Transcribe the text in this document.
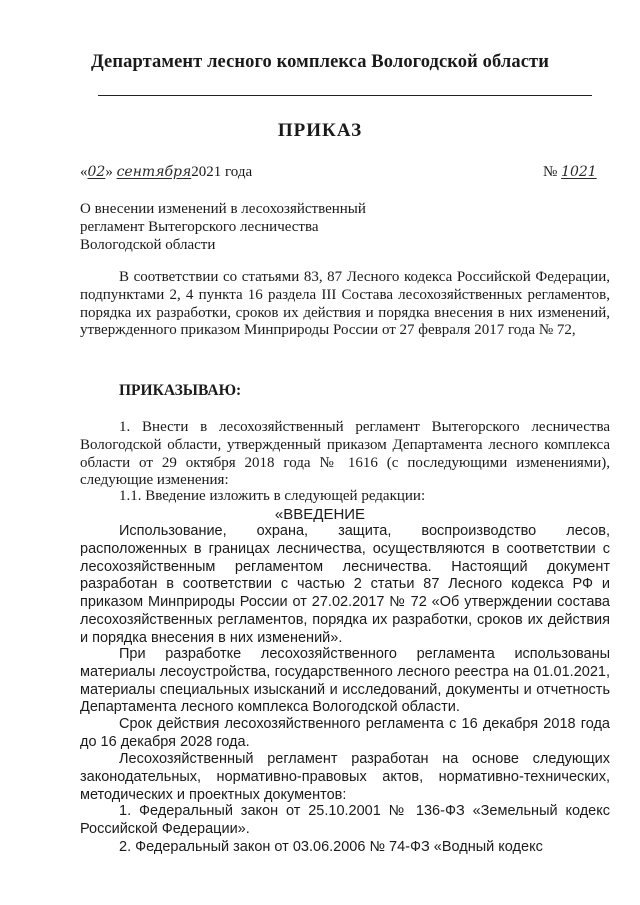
Департамент лесного комплекса Вологодской области
ПРИКАЗ
«02» сентября2021 года	№ 1021
О внесении изменений в лесохозяйственный
регламент Вытегорского лесничества
Вологодской области
В соответствии со статьями 83, 87 Лесного кодекса Российской Федерации, подпунктами 2, 4 пункта 16 раздела III Состава лесохозяйственных регламентов, порядка их разработки, сроков их действия и порядка внесения в них изменений, утвержденного приказом Минприроды России от 27 февраля 2017 года № 72,
ПРИКАЗЫВАЮ:
1. Внести в лесохозяйственный регламент Вытегорского лесничества Вологодской области, утвержденный приказом Департамента лесного комплекса области от 29 октября 2018 года № 1616 (с последующими изменениями), следующие изменения:
1.1. Введение изложить в следующей редакции:
«ВВЕДЕНИЕ
Использование, охрана, защита, воспроизводство лесов, расположенных в границах лесничества, осуществляются в соответствии с лесохозяйственным регламентом лесничества. Настоящий документ разработан в соответствии с частью 2 статьи 87 Лесного кодекса РФ и приказом Минприроды России от 27.02.2017 № 72 «Об утверждении состава лесохозяйственных регламентов, порядка их разработки, сроков их действия и порядка внесения в них изменений».
При разработке лесохозяйственного регламента использованы материалы лесоустройства, государственного лесного реестра на 01.01.2021, материалы специальных изысканий и исследований, документы и отчетность Департамента лесного комплекса Вологодской области.
Срок действия лесохозяйственного регламента с 16 декабря 2018 года до 16 декабря 2028 года.
Лесохозяйственный регламент разработан на основе следующих законодательных, нормативно-правовых актов, нормативно-технических, методических и проектных документов:
1. Федеральный закон от 25.10.2001 № 136-ФЗ «Земельный кодекс Российской Федерации».
2. Федеральный закон от 03.06.2006 № 74-ФЗ «Водный кодекс
